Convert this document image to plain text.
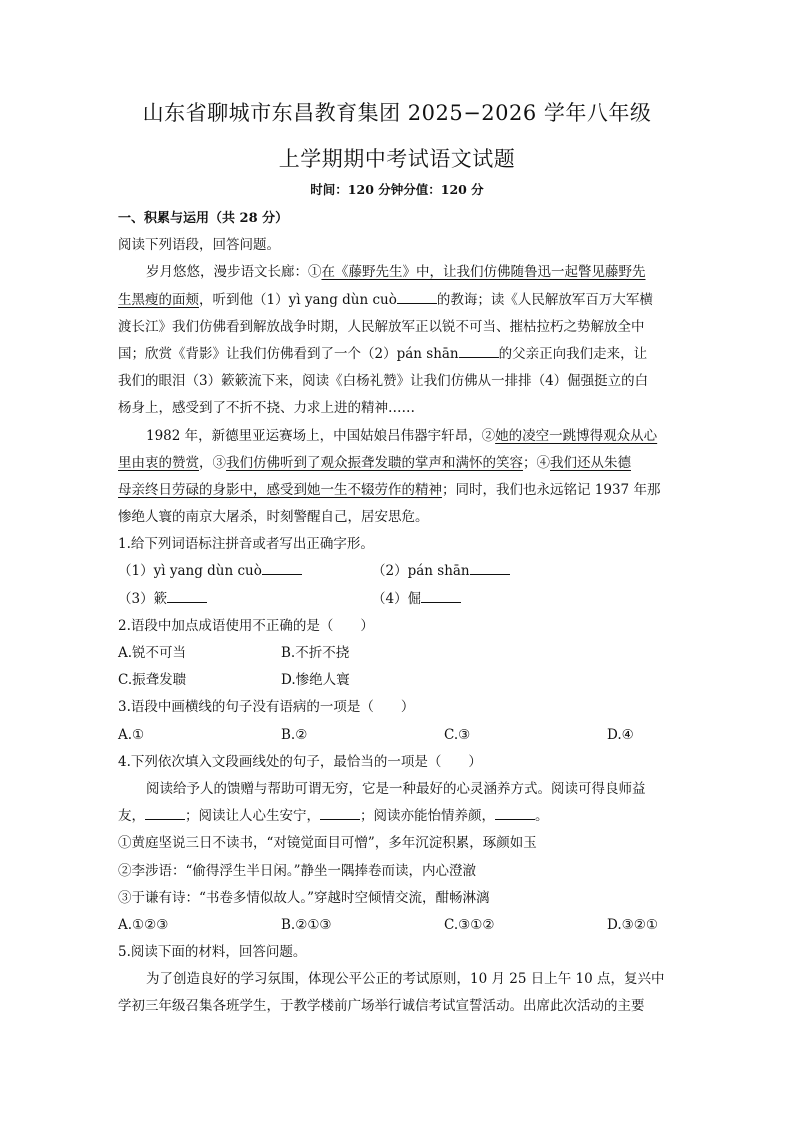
山东省聊城市东昌教育集团 2025−2026 学年八年级
上学期期中考试语文试题
时间：120 分钟分值：120 分
一、积累与运用（共 28 分）
阅读下列语段，回答问题。
岁月悠悠，漫步语文长廊：①在《藤野先生》中，让我们仿佛随鲁迅一起瞥见藤野先
生黑瘦的面颊，听到他（1）yì yang dùn cuò	的教诲；读《人民解放军百万大军横
渡长江》我们仿佛看到解放战争时期，人民解放军正以锐不可当、摧枯拉朽之势解放全中
国；欣赏《背影》让我们仿佛看到了一个（2）pán shān	的父亲正向我们走来，让
我们的眼泪（3）簌簌流下来，阅读《白杨礼赞》让我们仿佛从一排排（4）倔强挺立的白
杨身上，感受到了不折不挠、力求上进的精神……
1982 年，新德里亚运赛场上，中国姑娘吕伟器宇轩昂，②她的凌空一跳博得观众从心
里由衷的赞赏，③我们仿佛听到了观众振聋发聩的掌声和满怀的笑容；④我们还从朱德
母亲终日劳碌的身影中，感受到她一生不辍劳作的精神；同时，我们也永远铭记 1937 年那
惨绝人寰的南京大屠杀，时刻警醒自己，居安思危。
1.给下列词语标注拼音或者写出正确字形。
（1）yì yang dùn cuò	（2）pán shān
（3）簌	（4）倔
2.语段中加点成语使用不正确的是（　　）
A.锐不可当	B.不折不挠
C.振聋发聩	D.惨绝人寰
3.语段中画横线的句子没有语病的一项是（　　）
A.①	B.②	C.③	D.④
4.下列依次填入文段画线处的句子，最恰当的一项是（　　）
阅读给予人的馈赠与帮助可谓无穷，它是一种最好的心灵涵养方式。阅读可得良师益
友，	；阅读让人心生安宁，	；阅读亦能怡情养颜，	。
①黄庭坚说三日不读书，“对镜觉面目可憎”，多年沉淀积累，琢颜如玉
②李涉语：“偷得浮生半日闲。”静坐一隅捧卷而读，内心澄澈
③于谦有诗：“书卷多情似故人。”穿越时空倾情交流，酣畅淋漓
A.①②③	B.②①③	C.③①②	D.③②①
5.阅读下面的材料，回答问题。
为了创造良好的学习氛围，体现公平公正的考试原则，10 月 25 日上午 10 点，复兴中
学初三年级召集各班学生，于教学楼前广场举行诚信考试宣誓活动。出席此次活动的主要
